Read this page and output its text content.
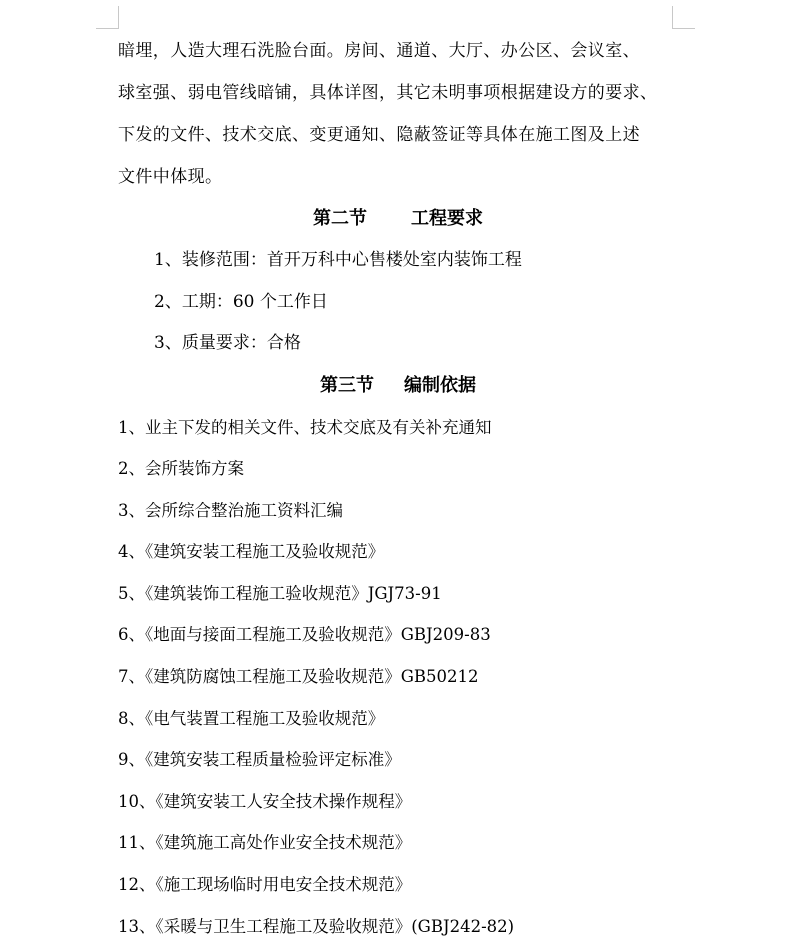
暗埋，人造大理石洗脸台面。房间、通道、大厅、办公区、会议室、

球室强、弱电管线暗铺，具体详图，其它未明事项根据建设方的要求、

下发的文件、技术交底、变更通知、隐蔽签证等具体在施工图及上述

文件中体现。

第二节 工程要求

1、装修范围：首开万科中心售楼处室内装饰工程

2、工期：60 个工作日

3、质量要求：合格

第三节 编制依据

1、业主下发的相关文件、技术交底及有关补充通知

2、会所装饰方案

3、会所综合整治施工资料汇编

4、《建筑安装工程施工及验收规范》

5、《建筑装饰工程施工验收规范》JGJ73-91

6、《地面与接面工程施工及验收规范》GBJ209-83

7、《建筑防腐蚀工程施工及验收规范》GB50212

8、《电气装置工程施工及验收规范》

9、《建筑安装工程质量检验评定标准》

10、《建筑安装工人安全技术操作规程》

11、《建筑施工高处作业安全技术规范》

12、《施工现场临时用电安全技术规范》

13、《采暖与卫生工程施工及验收规范》(GBJ242-82)
